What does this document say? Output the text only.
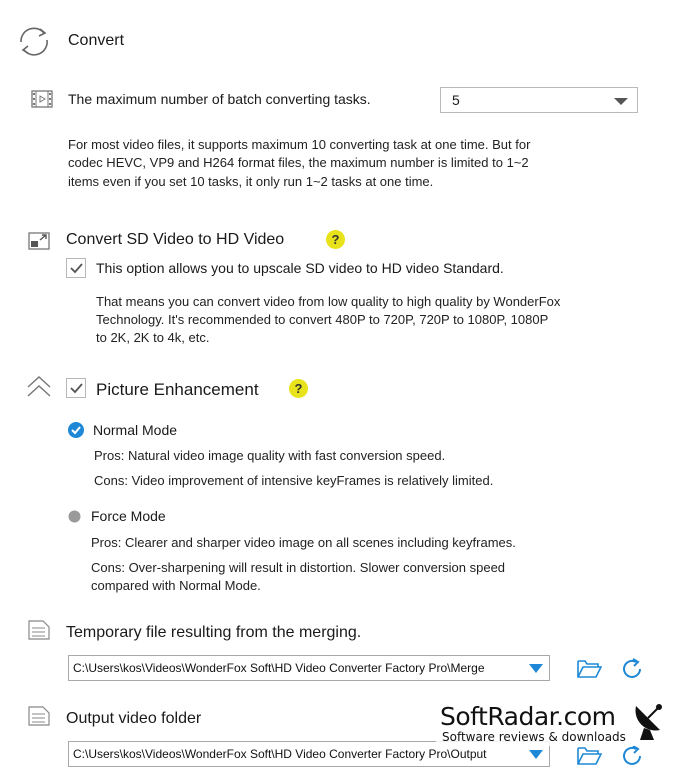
Convert
The maximum number of batch converting tasks.	5
For most video files, it supports maximum 10 converting task at one time. But for
codec HEVC, VP9 and H264 format files, the maximum number is limited to 1~2
items even if you set 10 tasks, it only run 1~2 tasks at one time.
Convert SD Video to HD Video	?
This option allows you to upscale SD video to HD video Standard.
That means you can convert video from low quality to high quality by WonderFox
Technology. It's recommended to convert 480P to 720P, 720P to 1080P, 1080P
to 2K, 2K to 4k, etc.
Picture Enhancement	?
Normal Mode
Pros: Natural video image quality with fast conversion speed.
Cons: Video improvement of intensive keyFrames is relatively limited.
Force Mode
Pros: Clearer and sharper video image on all scenes including keyframes.
Cons: Over-sharpening will result in distortion. Slower conversion speed
compared with Normal Mode.
Temporary file resulting from the merging.
C:\Users\kos\Videos\WonderFox Soft\HD Video Converter Factory Pro\Merge
Output video folder
C:\Users\kos\Videos\WonderFox Soft\HD Video Converter Factory Pro\Output
SoftRadar.com
Software reviews & downloads
